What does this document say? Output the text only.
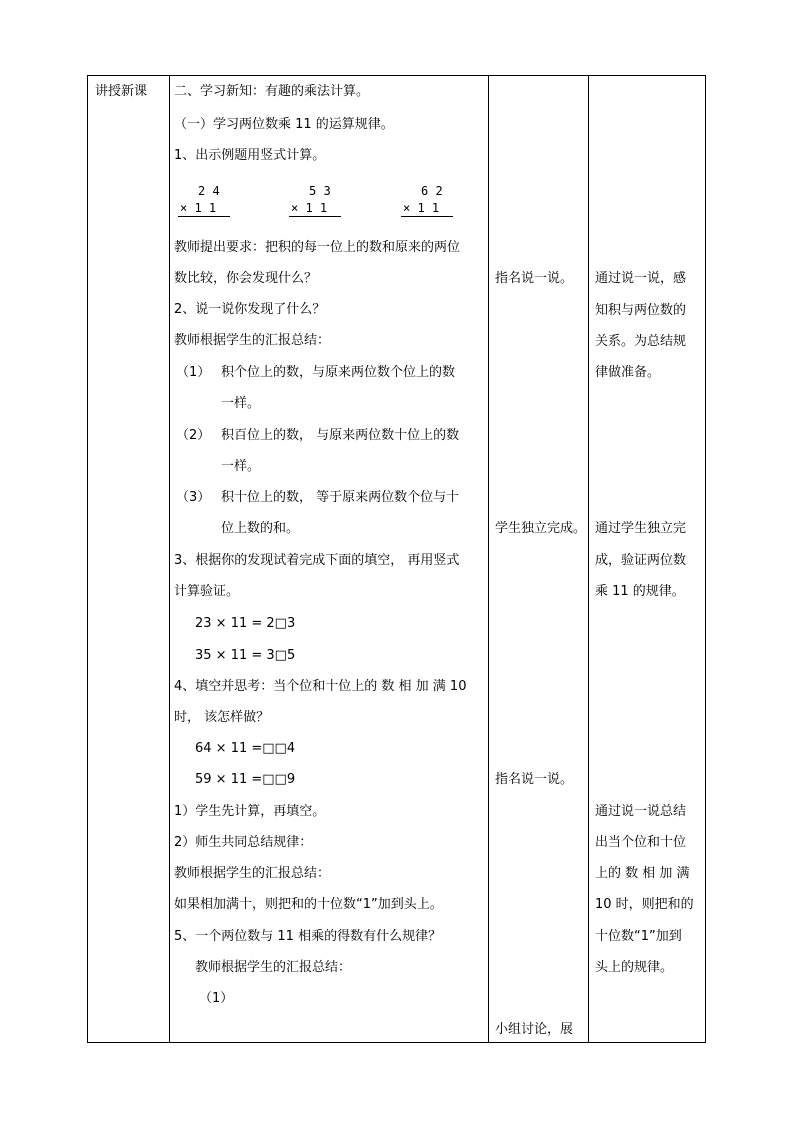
讲授新课 二、学习新知：有趣的乘法计算。
（一）学习两位数乘 11 的运算规律。
1、出示例题用竖式计算。
2 4
× 1 1
5 3
× 1 1
6 2
× 1 1
教师提出要求：把积的每一位上的数和原来的两位
数比较，你会发现什么？
2、说一说你发现了什么？
教师根据学生的汇报总结：
（1） 积个位上的数，与原来两位数个位上的数
一样。
（2） 积百位上的数， 与原来两位数十位上的数
一样。
（3） 积十位上的数， 等于原来两位数个位与十
位上数的和。
3、根据你的发现试着完成下面的填空， 再用竖式
计算验证。
23 × 11 = 2□3
35 × 11 = 3□5
4、填空并思考：当个位和十位上的 数 相 加 满 10
时， 该怎样做？
64 × 11 =□□4
59 × 11 =□□9
1）学生先计算，再填空。
2）师生共同总结规律：
教师根据学生的汇报总结：
如果相加满十，则把和的十位数“1”加到头上。
5、一个两位数与 11 相乘的得数有什么规律？
教师根据学生的汇报总结：
（1）
指名说一说。
学生独立完成。
指名说一说。
小组讨论，展
通过说一说，感
知积与两位数的
关系。为总结规
律做准备。
通过学生独立完
成，验证两位数
乘 11 的规律。
通过说一说总结
出当个位和十位
上的 数 相 加 满
10 时，则把和的
十位数“1”加到
头上的规律。
